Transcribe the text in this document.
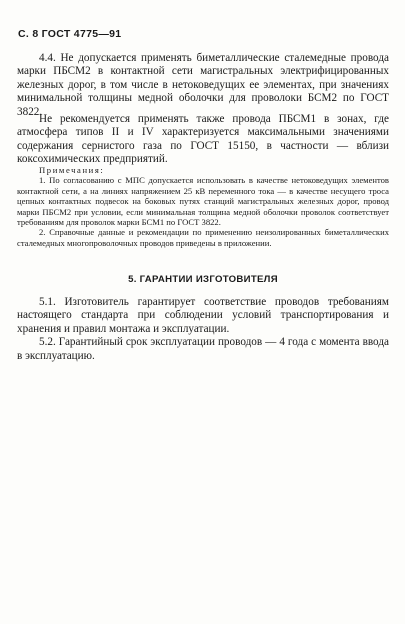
С. 8 ГОСТ 4775—91

4.4. Не допускается применять биметаллические сталемедные провода марки ПБСМ2 в контактной сети магистральных электрифицированных железных дорог, в том числе в нетоковедущих ее элементах, при значениях минимальной толщины медной оболочки для проволоки БСМ2 по ГОСТ 3822.

Не рекомендуется применять также провода ПБСМ1 в зонах, где атмосфера типов II и IV характеризуется максимальными значениями содержания сернистого газа по ГОСТ 15150, в частности — вблизи коксохимических предприятий.

Примечания:

1. По согласованию с МПС допускается использовать в качестве нетоковедущих элементов контактной сети, а на линиях напряжением 25 кВ переменного тока — в качестве несущего троса цепных контактных подвесок на боковых путях станций магистральных железных дорог, провод марки ПБСМ2 при условии, если минимальная толщина медной оболочки проволок соответствует требованиям для проволок марки БСМ1 по ГОСТ 3822.

2. Справочные данные и рекомендации по применению неизолированных биметаллических сталемедных многопроволочных проводов приведены в приложении.

5. ГАРАНТИИ ИЗГОТОВИТЕЛЯ

5.1. Изготовитель гарантирует соответствие проводов требованиям настоящего стандарта при соблюдении условий транспортирования и хранения и правил монтажа и эксплуатации.

5.2. Гарантийный срок эксплуатации проводов — 4 года с момента ввода в эксплуатацию.
